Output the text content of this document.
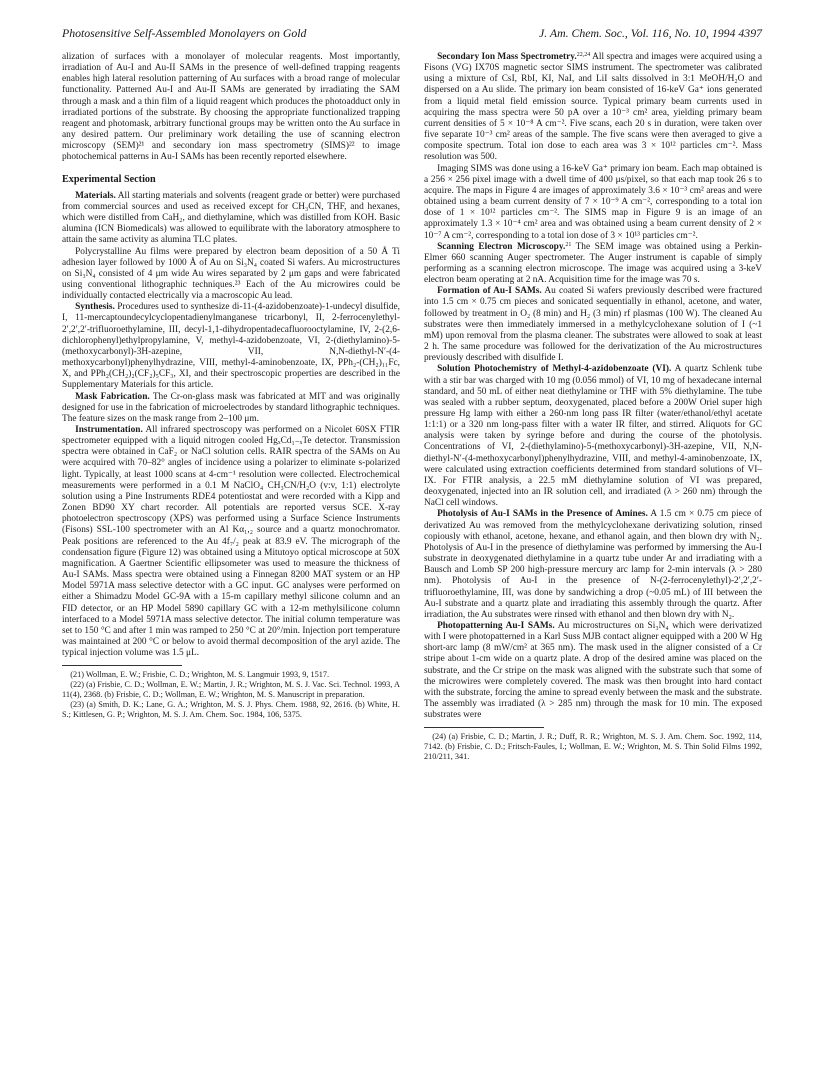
Photosensitive Self-Assembled Monolayers on Gold	J. Am. Chem. Soc., Vol. 116, No. 10, 1994 4397

alization of surfaces with a monolayer of molecular reagents. Most importantly, irradiation of Au-I and Au-II SAMs in the presence of well-defined trapping reagents enables high lateral resolution patterning of Au surfaces with a broad range of molecular functionality. Patterned Au-I and Au-II SAMs are generated by irradiating the SAM through a mask and a thin film of a liquid reagent which produces the photoadduct only in irradiated portions of the substrate. By choosing the appropriate functionalized trapping reagent and photomask, arbitrary functional groups may be written onto the Au surface in any desired pattern. Our preliminary work detailing the use of scanning electron microscopy (SEM)²¹ and secondary ion mass spectrometry (SIMS)²² to image photochemical patterns in Au-I SAMs has been recently reported elsewhere.

Experimental Section

Materials. All starting materials and solvents (reagent grade or better) were purchased from commercial sources and used as received except for CH₃CN, THF, and hexanes, which were distilled from CaH₂, and diethylamine, which was distilled from KOH. Basic alumina (ICN Biomedicals) was allowed to equilibrate with the laboratory atmosphere to attain the same activity as alumina TLC plates.

Polycrystalline Au films were prepared by electron beam deposition of a 50 Å Ti adhesion layer followed by 1000 Å of Au on Si₃N₄ coated Si wafers. Au microstructures on Si₃N₄ consisted of 4 μm wide Au wires separated by 2 μm gaps and were fabricated using conventional lithographic techniques.²³ Each of the Au microwires could be individually contacted electrically via a macroscopic Au lead.

Synthesis. Procedures used to synthesize di-11-(4-azidobenzoate)-1-undecyl disulfide, I, 11-mercaptoundecylcyclopentadienylmanganese tricarbonyl, II, 2-ferrocenylethyl-2′,2′,2′-trifluoroethylamine, III, decyl-1,1-dihydropentadecafluorooctylamine, IV, 2-(2,6-dichlorophenyl)ethylpropylamine, V, methyl-4-azidobenzoate, VI, 2-(diethylamino)-5-(methoxycarbonyl)-3H-azepine, VII, N,N-diethyl-N′-(4-methoxycarbonyl)phenylhydrazine, VIII, methyl-4-aminobenzoate, IX, PPh₂-(CH₂)₁₁Fc, X, and PPh₂(CH₂)₂(CF₂)₅CF₃, XI, and their spectroscopic properties are described in the Supplementary Materials for this article.

Mask Fabrication. The Cr-on-glass mask was fabricated at MIT and was originally designed for use in the fabrication of microelectrodes by standard lithographic techniques. The feature sizes on the mask range from 2–100 μm.

Instrumentation. All infrared spectroscopy was performed on a Nicolet 60SX FTIR spectrometer equipped with a liquid nitrogen cooled HgₓCd₁₋ₓTe detector. Transmission spectra were obtained in CaF₂ or NaCl solution cells. RAIR spectra of the SAMs on Au were acquired with 70–82° angles of incidence using a polarizer to eliminate s-polarized light. Typically, at least 1000 scans at 4-cm⁻¹ resolution were collected. Electrochemical measurements were performed in a 0.1 M NaClO₄ CH₃CN/H₂O (v:v, 1:1) electrolyte solution using a Pine Instruments RDE4 potentiostat and were recorded with a Kipp and Zonen BD90 XY chart recorder. All potentials are reported versus SCE. X-ray photoelectron spectroscopy (XPS) was performed using a Surface Science Instruments (Fisons) SSL-100 spectrometer with an Al Kα₁,₂ source and a quartz monochromator. Peak positions are referenced to the Au 4f₇/₂ peak at 83.9 eV. The micrograph of the condensation figure (Figure 12) was obtained using a Mitutoyo optical microscope at 50X magnification. A Gaertner Scientific ellipsometer was used to measure the thickness of Au-I SAMs. Mass spectra were obtained using a Finnegan 8200 MAT system or an HP Model 5971A mass selective detector with a GC input. GC analyses were performed on either a Shimadzu Model GC-9A with a 15-m capillary methyl silicone column and an FID detector, or an HP Model 5890 capillary GC with a 12-m methylsilicone column interfaced to a Model 5971A mass selective detector. The initial column temperature was set to 150 °C and after 1 min was ramped to 250 °C at 20°/min. Injection port temperature was maintained at 200 °C or below to avoid thermal decomposition of the aryl azide. The typical injection volume was 1.5 μL.

(21) Wollman, E. W.; Frisbie, C. D.; Wrighton, M. S. Langmuir 1993, 9, 1517.

(22) (a) Frisbie, C. D.; Wollman, E. W.; Martin, J. R.; Wrighton, M. S. J. Vac. Sci. Technol. 1993, A 11(4), 2368. (b) Frisbie, C. D.; Wollman, E. W.; Wrighton, M. S. Manuscript in preparation.

(23) (a) Smith, D. K.; Lane, G. A.; Wrighton, M. S. J. Phys. Chem. 1988, 92, 2616. (b) White, H. S.; Kittlesen, G. P.; Wrighton, M. S. J. Am. Chem. Soc. 1984, 106, 5375.

Secondary Ion Mass Spectrometry.$^{22,24}$ All spectra and images were acquired using a Fisons (VG) IX70S magnetic sector SIMS instrument. The spectrometer was calibrated using a mixture of CsI, RbI, KI, NaI, and LiI salts dissolved in 3:1 MeOH/H₂O and dispersed on a Au slide. The primary ion beam consisted of 16-keV Ga⁺ ions generated from a liquid metal field emission source. Typical primary beam currents used in acquiring the mass spectra were 50 pA over a 10⁻³ cm² area, yielding primary beam current densities of 5 × 10⁻⁸ A cm⁻². Five scans, each 20 s in duration, were taken over five separate 10⁻³ cm² areas of the sample. The five scans were then averaged to give a composite spectrum. Total ion dose to each area was 3 × 10¹² particles cm⁻². Mass resolution was 500.

Imaging SIMS was done using a 16-keV Ga⁺ primary ion beam. Each map obtained is a 256 × 256 pixel image with a dwell time of 400 μs/pixel, so that each map took 26 s to acquire. The maps in Figure 4 are images of approximately 3.6 × 10⁻³ cm² areas and were obtained using a beam current density of 7 × 10⁻⁹ A cm⁻², corresponding to a total ion dose of 1 × 10¹² particles cm⁻². The SIMS map in Figure 9 is an image of an approximately 1.3 × 10⁻⁴ cm² area and was obtained using a beam current density of 2 × 10⁻⁷ A cm⁻², corresponding to a total ion dose of 3 × 10¹³ particles cm⁻².

Scanning Electron Microscopy.$^{21}$ The SEM image was obtained using a Perkin-Elmer 660 scanning Auger spectrometer. The Auger instrument is capable of simply performing as a scanning electron microscope. The image was acquired using a 3-keV electron beam operating at 2 nA. Acquisition time for the image was 70 s.

Formation of Au-I SAMs. Au coated Si wafers previously described were fractured into 1.5 cm × 0.75 cm pieces and sonicated sequentially in ethanol, acetone, and water, followed by treatment in O₂ (8 min) and H₂ (3 min) rf plasmas (100 W). The cleaned Au substrates were then immediately immersed in a methylcyclohexane solution of I (~1 mM) upon removal from the plasma cleaner. The substrates were allowed to soak at least 2 h. The same procedure was followed for the derivatization of the Au microstructures previously described with disulfide I.

Solution Photochemistry of Methyl-4-azidobenzoate (VI). A quartz Schlenk tube with a stir bar was charged with 10 mg (0.056 mmol) of VI, 10 mg of hexadecane internal standard, and 50 mL of either neat diethylamine or THF with 5% diethylamine. The tube was sealed with a rubber septum, deoxygenated, placed before a 200W Oriel super high pressure Hg lamp with either a 260-nm long pass IR filter (water/ethanol/ethyl acetate 1:1:1) or a 320 nm long-pass filter with a water IR filter, and stirred. Aliquots for GC analysis were taken by syringe before and during the course of the photolysis. Concentrations of VI, 2-(diethylamino)-5-(methoxycarbonyl)-3H-azepine, VII, N,N-diethyl-N′-(4-methoxycarbonyl)phenylhydrazine, VIII, and methyl-4-aminobenzoate, IX, were calculated using extraction coefficients determined from standard solutions of VI–IX. For FTIR analysis, a 22.5 mM diethylamine solution of VI was prepared, deoxygenated, injected into an IR solution cell, and irradiated (λ > 260 nm) through the NaCl cell windows.

Photolysis of Au-I SAMs in the Presence of Amines. A 1.5 cm × 0.75 cm piece of derivatized Au was removed from the methylcyclohexane derivatizing solution, rinsed copiously with ethanol, acetone, hexane, and ethanol again, and then blown dry with N₂. Photolysis of Au-I in the presence of diethylamine was performed by immersing the Au-I substrate in deoxygenated diethylamine in a quartz tube under Ar and irradiating with a Bausch and Lomb SP 200 high-pressure mercury arc lamp for 2-min intervals (λ > 280 nm). Photolysis of Au-I in the presence of N-(2-ferrocenylethyl)-2′,2′,2′-trifluoroethylamine, III, was done by sandwiching a drop (~0.05 mL) of III between the Au-I substrate and a quartz plate and irradiating this assembly through the quartz. After irradiation, the Au substrates were rinsed with ethanol and then blown dry with N₂.

Photopatterning Au-I SAMs. Au microstructures on Si₃N₄ which were derivatized with I were photopatterned in a Karl Suss MJB contact aligner equipped with a 200 W Hg short-arc lamp (8 mW/cm² at 365 nm). The mask used in the aligner consisted of a Cr stripe about 1-cm wide on a quartz plate. A drop of the desired amine was placed on the substrate, and the Cr stripe on the mask was aligned with the substrate such that some of the microwires were completely covered. The mask was then brought into hard contact with the substrate, forcing the amine to spread evenly between the mask and the substrate. The assembly was irradiated (λ > 285 nm) through the mask for 10 min. The exposed substrates were

(24) (a) Frisbie, C. D.; Martin, J. R.; Duff, R. R.; Wrighton, M. S. J. Am. Chem. Soc. 1992, 114, 7142. (b) Frisbie, C. D.; Fritsch-Faules, I.; Wollman, E. W.; Wrighton, M. S. Thin Solid Films 1992, 210/211, 341.
